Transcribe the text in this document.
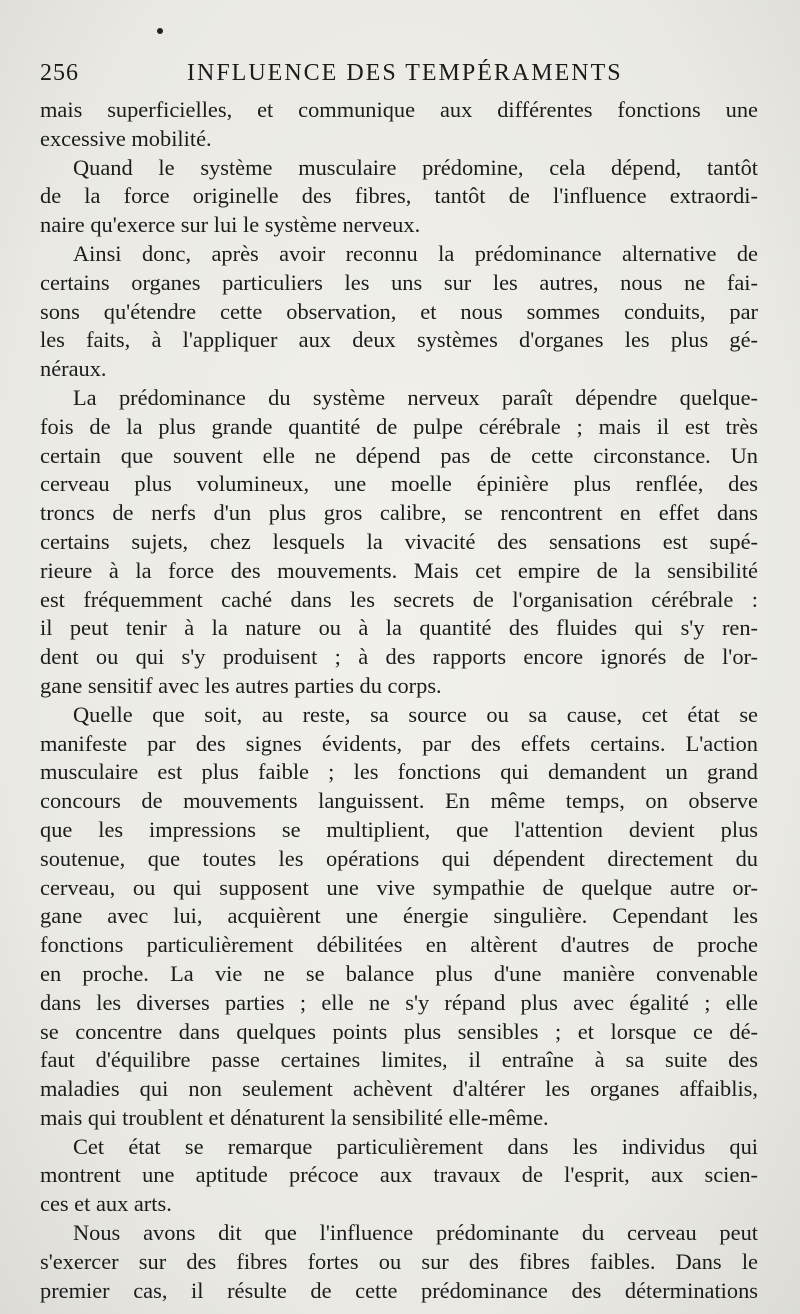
256	INFLUENCE DES TEMPÉRAMENTS
mais superficielles, et communique aux différentes fonctions une
excessive mobilité.
Quand le système musculaire prédomine, cela dépend, tantôt
de la force originelle des fibres, tantôt de l'influence extraordi-
naire qu'exerce sur lui le système nerveux.
Ainsi donc, après avoir reconnu la prédominance alternative de
certains organes particuliers les uns sur les autres, nous ne fai-
sons qu'étendre cette observation, et nous sommes conduits, par
les faits, à l'appliquer aux deux systèmes d'organes les plus gé-
néraux.
La prédominance du système nerveux paraît dépendre quelque-
fois de la plus grande quantité de pulpe cérébrale ; mais il est très
certain que souvent elle ne dépend pas de cette circonstance. Un
cerveau plus volumineux, une moelle épinière plus renflée, des
troncs de nerfs d'un plus gros calibre, se rencontrent en effet dans
certains sujets, chez lesquels la vivacité des sensations est supé-
rieure à la force des mouvements. Mais cet empire de la sensibilité
est fréquemment caché dans les secrets de l'organisation cérébrale :
il peut tenir à la nature ou à la quantité des fluides qui s'y ren-
dent ou qui s'y produisent ; à des rapports encore ignorés de l'or-
gane sensitif avec les autres parties du corps.
Quelle que soit, au reste, sa source ou sa cause, cet état se
manifeste par des signes évidents, par des effets certains. L'action
musculaire est plus faible ; les fonctions qui demandent un grand
concours de mouvements languissent. En même temps, on observe
que les impressions se multiplient, que l'attention devient plus
soutenue, que toutes les opérations qui dépendent directement du
cerveau, ou qui supposent une vive sympathie de quelque autre or-
gane avec lui, acquièrent une énergie singulière. Cependant les
fonctions particulièrement débilitées en altèrent d'autres de proche
en proche. La vie ne se balance plus d'une manière convenable
dans les diverses parties ; elle ne s'y répand plus avec égalité ; elle
se concentre dans quelques points plus sensibles ; et lorsque ce dé-
faut d'équilibre passe certaines limites, il entraîne à sa suite des
maladies qui non seulement achèvent d'altérer les organes affaiblis,
mais qui troublent et dénaturent la sensibilité elle-même.
Cet état se remarque particulièrement dans les individus qui
montrent une aptitude précoce aux travaux de l'esprit, aux scien-
ces et aux arts.
Nous avons dit que l'influence prédominante du cerveau peut
s'exercer sur des fibres fortes ou sur des fibres faibles. Dans le
premier cas, il résulte de cette prédominance des déterminations
